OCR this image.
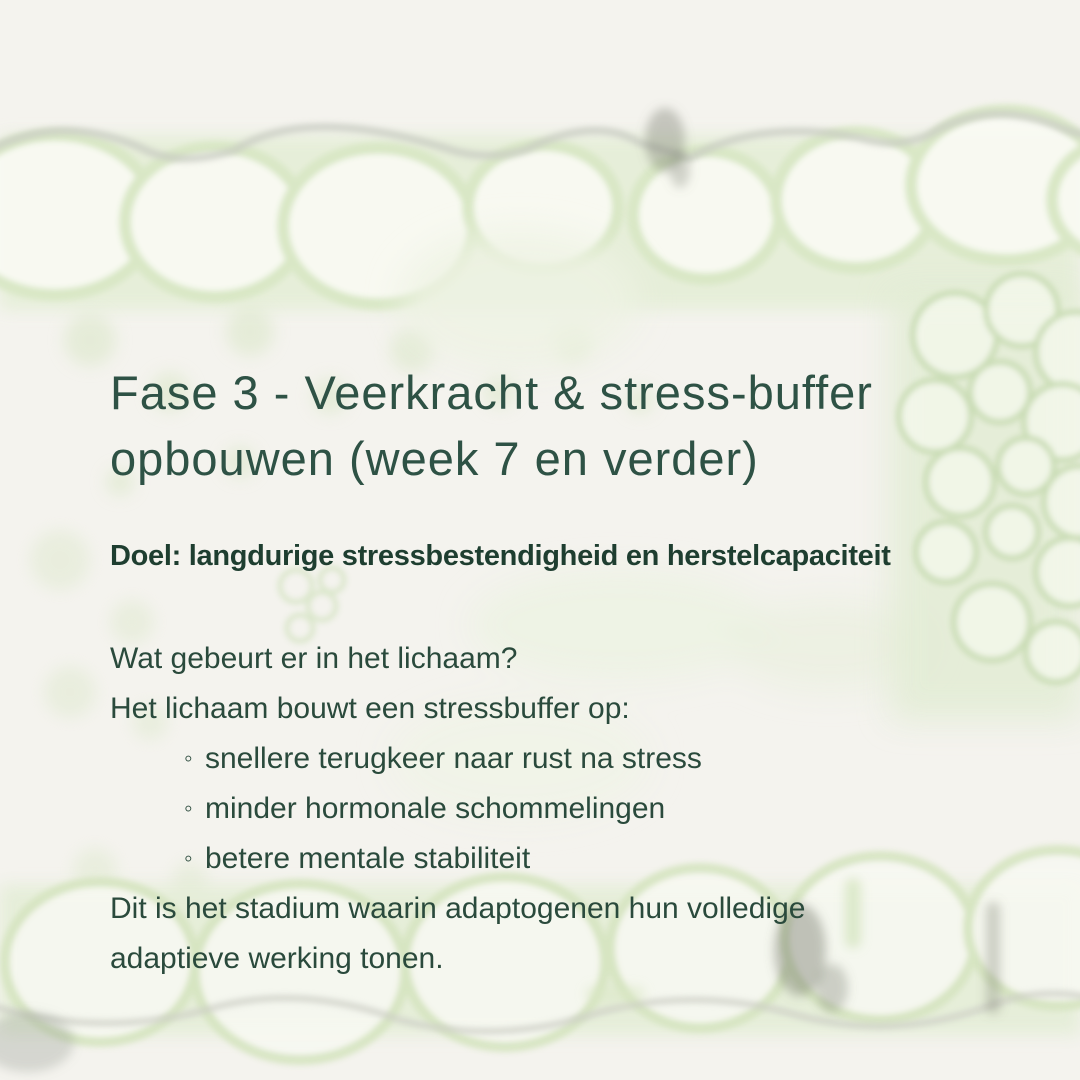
Fase 3 - Veerkracht & stress-buffer
opbouwen (week 7 en verder)
Doel: langdurige stressbestendigheid en herstelcapaciteit
Wat gebeurt er in het lichaam?
Het lichaam bouwt een stressbuffer op:
◦ snellere terugkeer naar rust na stress
◦ minder hormonale schommelingen
◦ betere mentale stabiliteit
Dit is het stadium waarin adaptogenen hun volledige
adaptieve werking tonen.
